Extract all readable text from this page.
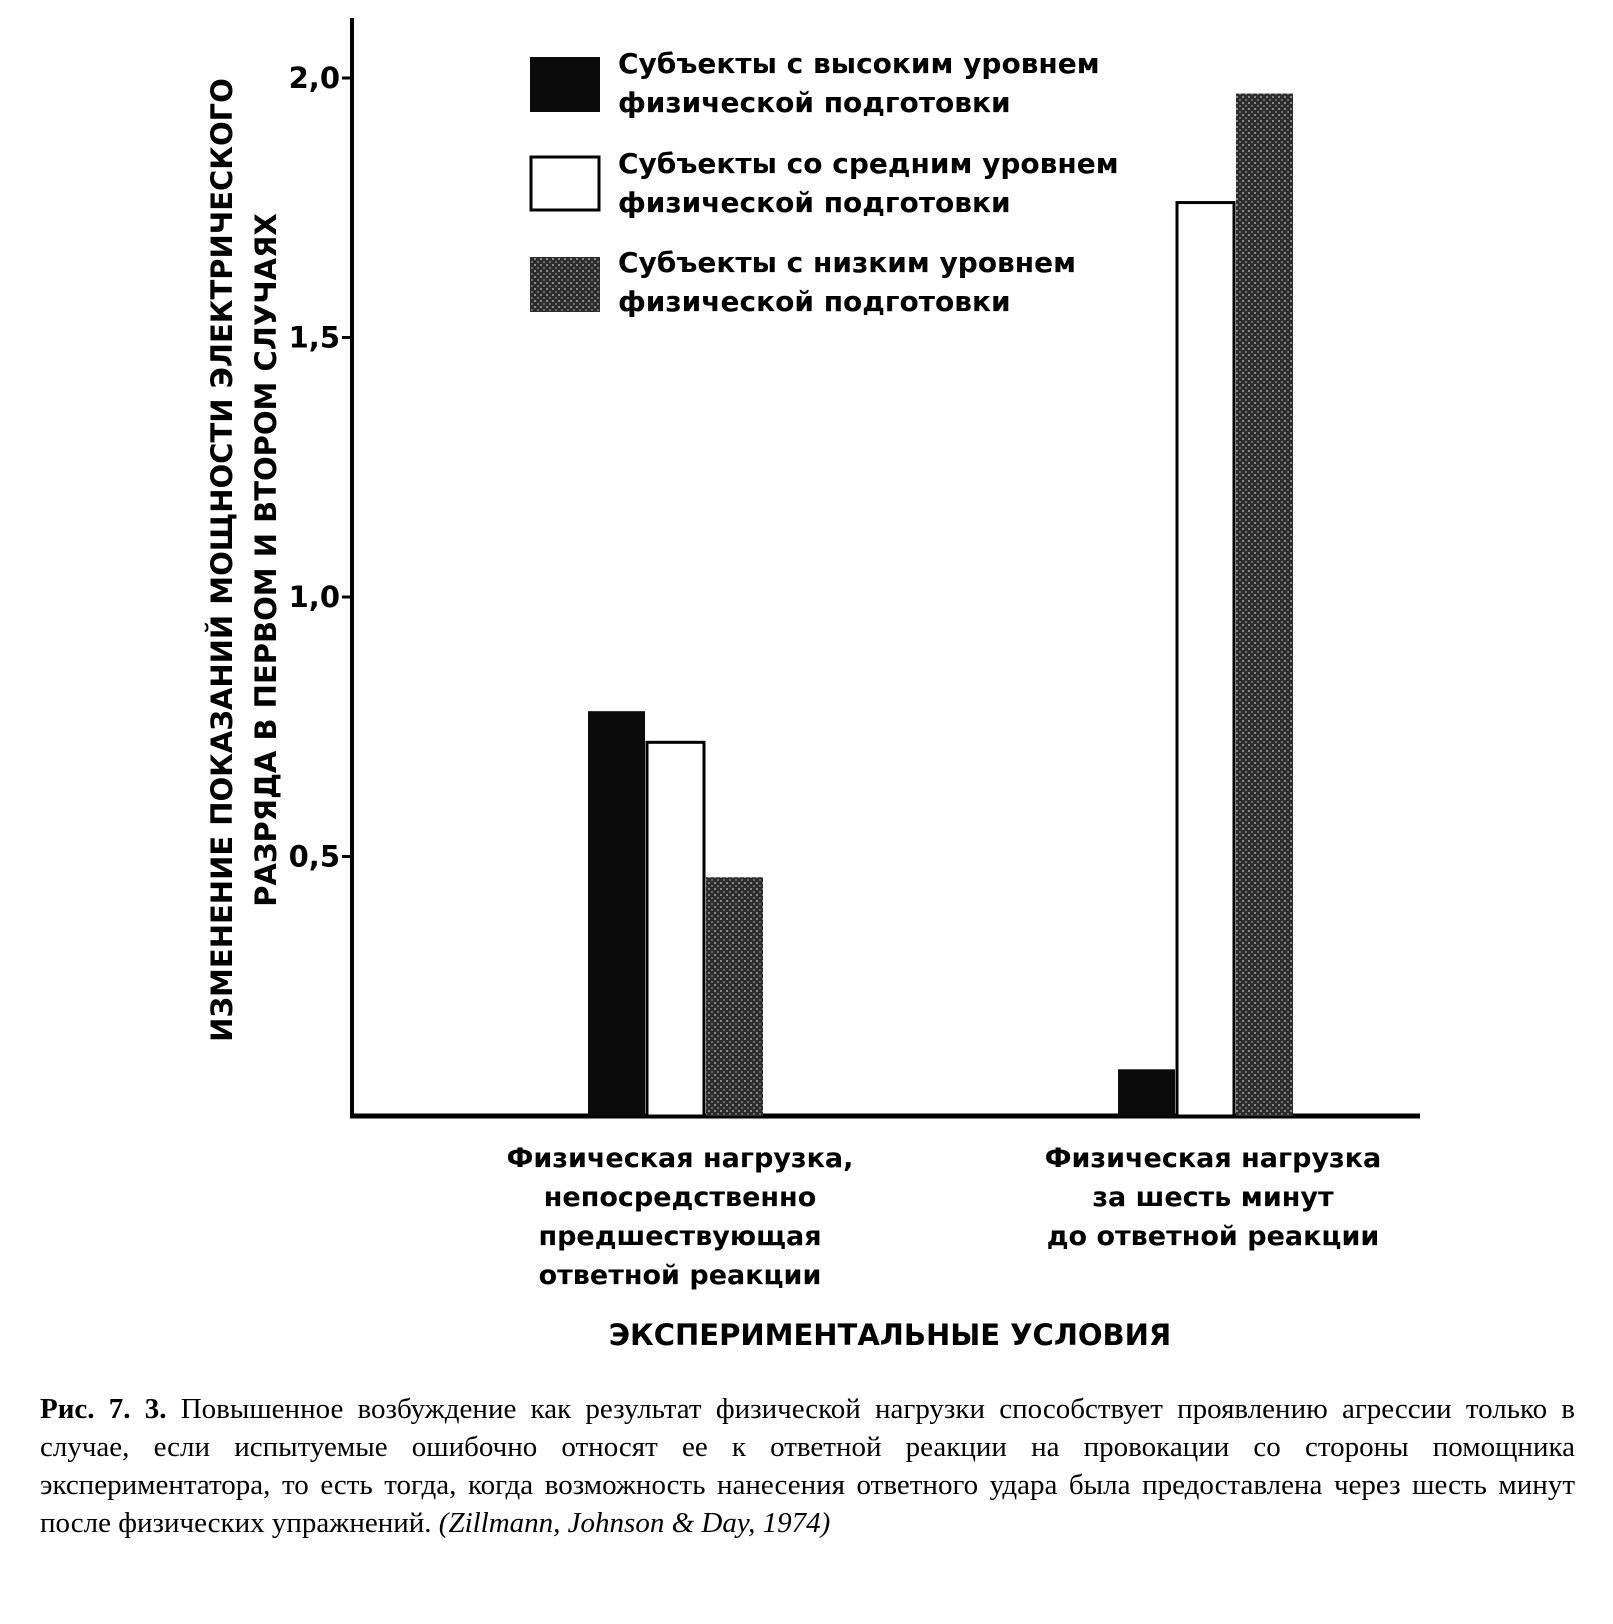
ИЗМЕНЕНИЕ ПОКАЗАНИЙ МОЩНОСТИ ЭЛЕКТРИЧЕСКОГО РАЗРЯДА В ПЕРВОМ И ВТОРОМ СЛУЧАЯХ 0,5
1,0
1,5
2,0	Субъекты с высоким уровнем
физической подготовки
Субъекты со средним уровнем
физической подготовки
Субъекты с низким уровнем
физической подготовки
Физическая нагрузка,
непосредственно
предшествующая
ответной реакции
Физическая нагрузка
за шесть минут
до ответной реакции
ЭКСПЕРИМЕНТАЛЬНЫЕ УСЛОВИЯ
Рис. 7. 3. Повышенное возбуждение как результат физической нагрузки способствует проявлению агрессии только в случае, если испытуемые ошибочно относят ее к ответной реакции на провокации со стороны помощника экспериментатора, то есть тогда, когда возможность нанесения ответного удара была предоставлена через шесть минут после физических упражнений. (Zillmann, Johnson & Day, 1974)
